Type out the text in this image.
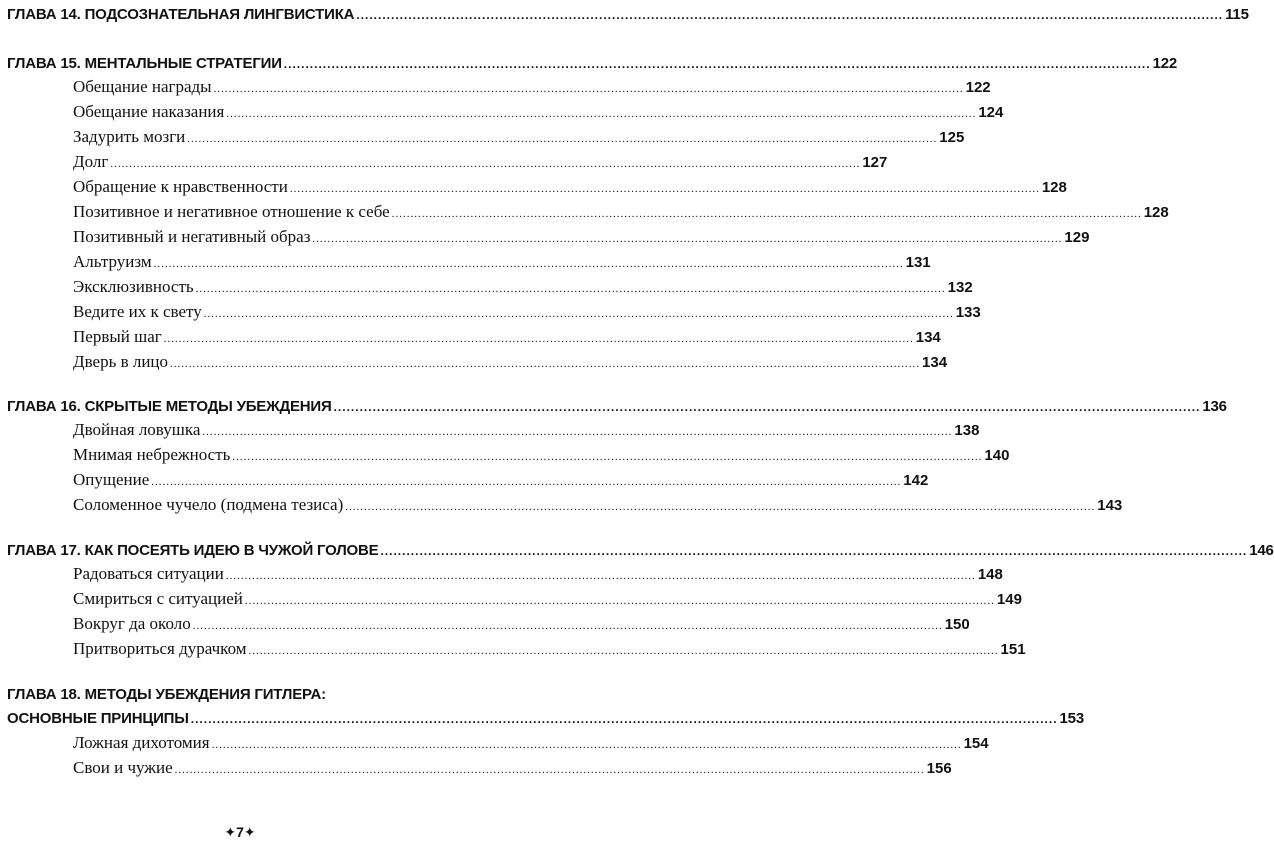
ГЛАВА 14. ПОДСОЗНАТЕЛЬНАЯ ЛИНГВИСТИКА .....	115
ГЛАВА 15. МЕНТАЛЬНЫЕ СТРАТЕГИИ .....	122
Обещание награды .....	122
Обещание наказания .....	124
Задурить мозги .....	125
Долг .....	127
Обращение к нравственности .....	128
Позитивное и негативное отношение к себе .....	128
Позитивный и негативный образ .....	129
Альтруизм .....	131
Эксклюзивность .....	132
Ведите их к свету .....	133
Первый шаг .....	134
Дверь в лицо .....	134
ГЛАВА 16. СКРЫТЫЕ МЕТОДЫ УБЕЖДЕНИЯ .....	136
Двойная ловушка .....	138
Мнимая небрежность .....	140
Опущение .....	142
Соломенное чучело (подмена тезиса) .....	143
ГЛАВА 17. КАК ПОСЕЯТЬ ИДЕЮ В ЧУЖОЙ ГОЛОВЕ .....	146
Радоваться ситуации .....	148
Смириться с ситуацией .....	149
Вокруг да около .....	150
Притвориться дурачком .....	151
ГЛАВА 18. МЕТОДЫ УБЕЖДЕНИЯ ГИТЛЕРА:
ОСНОВНЫЕ ПРИНЦИПЫ .....	153
Ложная дихотомия .....	154
Свои и чужие .....	156
✦7✦
